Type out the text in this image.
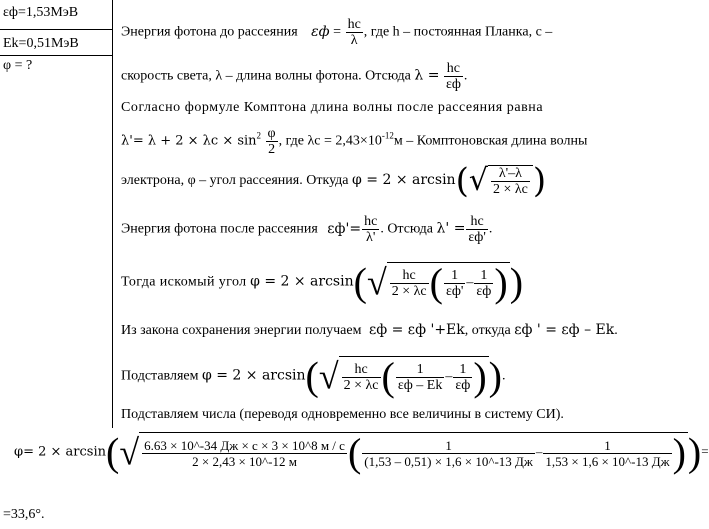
εф=1,53МэВ
Ek=0,51МэВ
φ = ?
Энергия фотона до рассеяния $\varepsilon ф = \frac{hc}{\lambda}$ , где h – постоянная Планка, с –
скорость света, λ – длина волны фотона. Отсюда $\lambda = \frac{hc}{\varepsilon ф}$ .
Согласно формуле Комптона длина волны после рассеяния равна
$\lambda'= \lambda + 2 \times \lambda c \times \sin^2 \frac{\varphi}{2}$ , где $\lambda c = 2,43\times 10^{-12}м$ – Комптоновская длина волны
электрона, φ – угол рассеяния. Откуда $\varphi = 2 \times \arcsin(√ \frac{\lambda'-\lambda}{2 \times \lambda c}$ )
Энергия фотона после рассеяния $\varepsilon ф'= \frac{hc}{\lambda'}$ . Отсюда $\lambda' = \frac{hc}{\varepsilon ф'}$ .
Тогда искомый угол $\varphi = 2 \times \arcsin(√ \frac{hc}{2 \times \lambda c}$ ( $\frac{1}{\varepsilon ф'} - \frac{1}{\varepsilon ф}$ ))
Из закона сохранения энергии получаем εф = εф '+Ek, откуда εф ' = εф – Ek.
Подставляем $\varphi = 2 \times \arcsin(√ \frac{hc}{2 \times \lambda c}$ ( $\frac{1}{\varepsilon ф - Ek} - \frac{1}{\varepsilon ф}$ )).
Подставляем числа (переводя одновременно все величины в систему СИ).
$\varphi= 2 \times \arcsin(√ \frac{6.63 \times 10\^{}-34 Дж \times с \times 3 \times 10\^{}8 м / с}{2 \times 2,43 \times 10\^{}-12 м}$ ( $\frac{1}{(1,53 - 0,51) \times 1,6 \times 10\^{}-13 Дж} - \frac{1}{1,53 \times 1,6 \times 10\^{}-13 Дж}$ ))=
=33,6°.
